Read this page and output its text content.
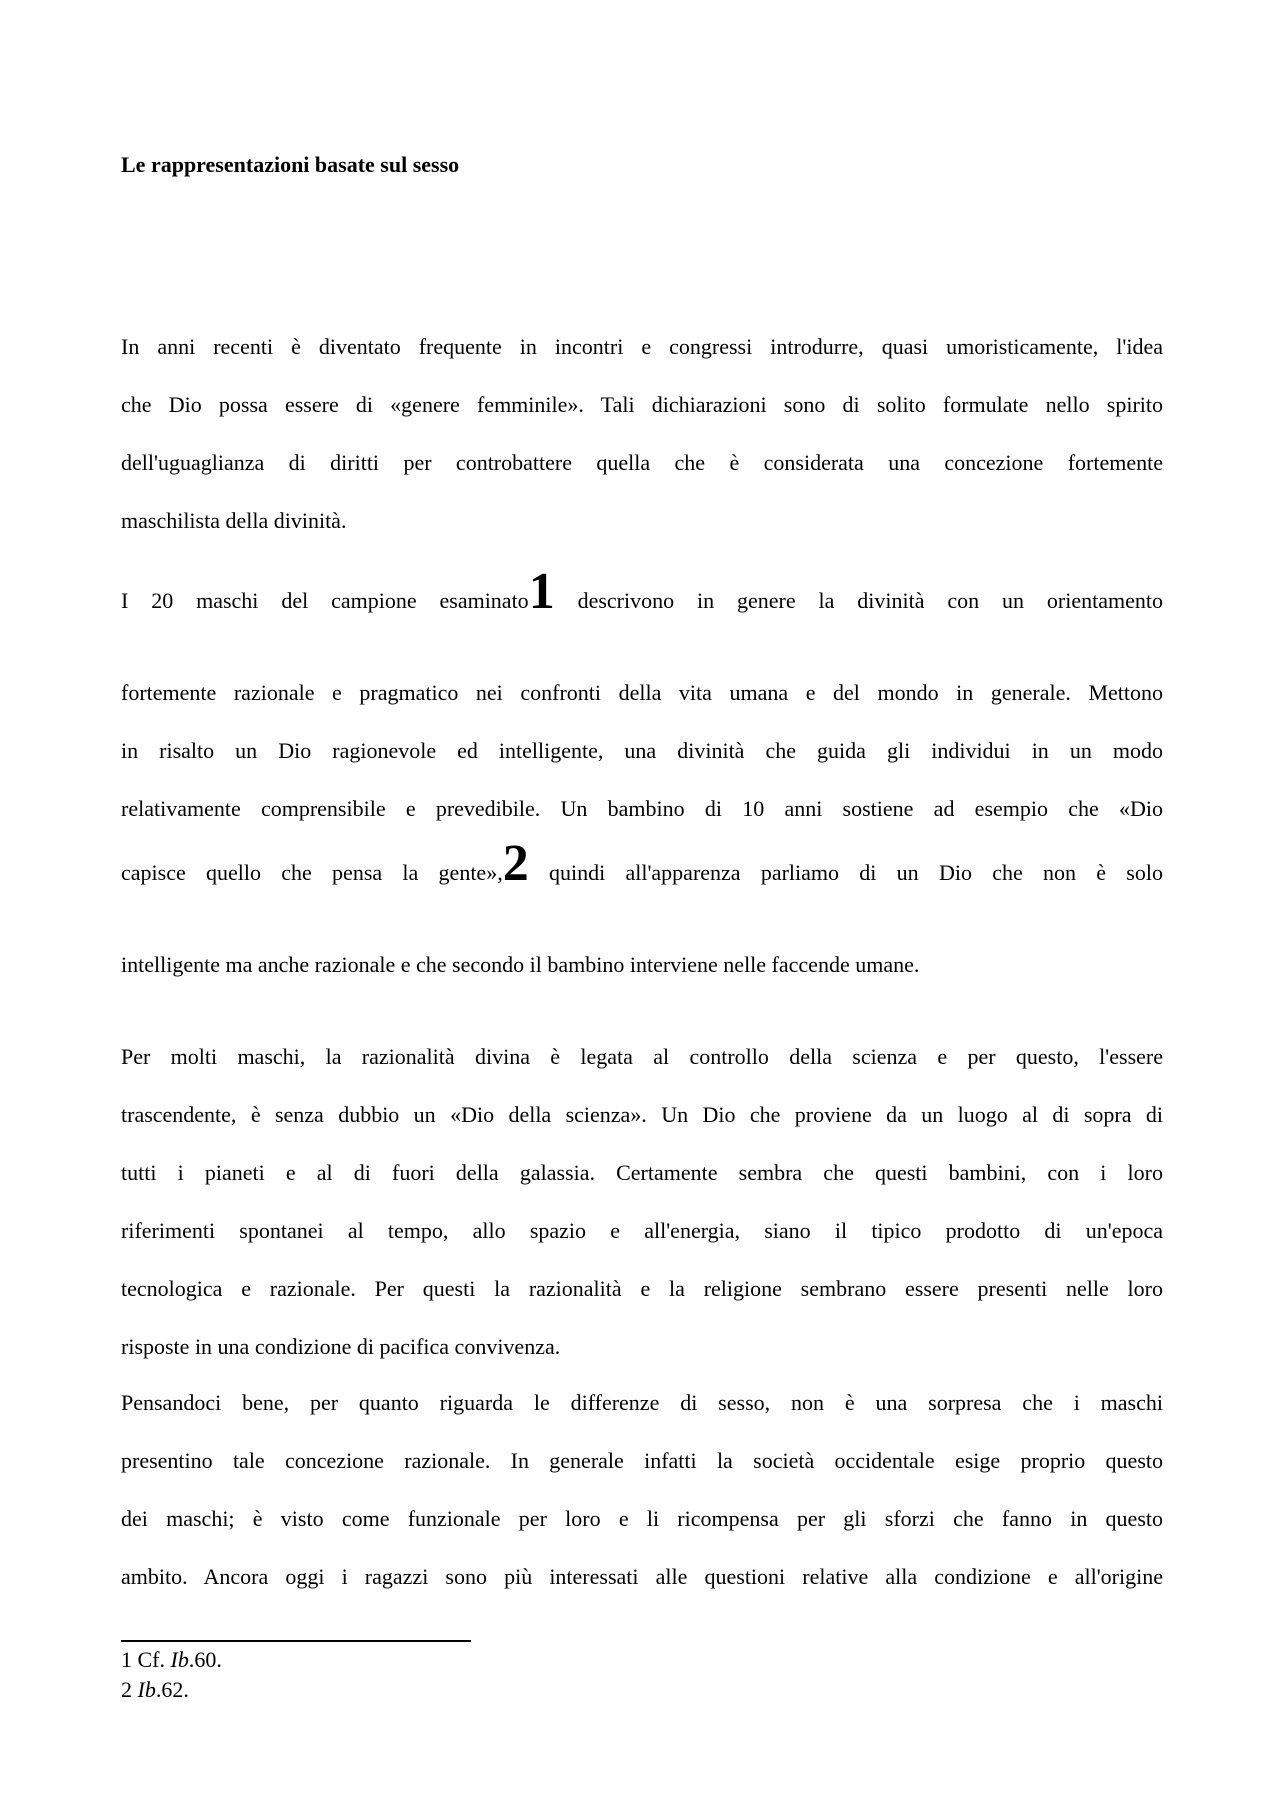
Le rappresentazioni basate sul sesso
In anni recenti è diventato frequente in incontri e congressi introdurre, quasi umoristicamente, l'idea
che Dio possa essere di «genere femminile». Tali dichiarazioni sono di solito formulate nello spirito
dell'uguaglianza di diritti per controbattere quella che è considerata una concezione fortemente
maschilista della divinità.
I 20 maschi del campione esaminato1 descrivono in genere la divinità con un orientamento
fortemente razionale e pragmatico nei confronti della vita umana e del mondo in generale. Mettono
in risalto un Dio ragionevole ed intelligente, una divinità che guida gli individui in un modo
relativamente comprensibile e prevedibile. Un bambino di 10 anni sostiene ad esempio che «Dio
capisce quello che pensa la gente»,2 quindi all'apparenza parliamo di un Dio che non è solo
intelligente ma anche razionale e che secondo il bambino interviene nelle faccende umane.
Per molti maschi, la razionalità divina è legata al controllo della scienza e per questo, l'essere
trascendente, è senza dubbio un «Dio della scienza». Un Dio che proviene da un luogo al di sopra di
tutti i pianeti e al di fuori della galassia. Certamente sembra che questi bambini, con i loro
riferimenti spontanei al tempo, allo spazio e all'energia, siano il tipico prodotto di un'epoca
tecnologica e razionale. Per questi la razionalità e la religione sembrano essere presenti nelle loro
risposte in una condizione di pacifica convivenza.
Pensandoci bene, per quanto riguarda le differenze di sesso, non è una sorpresa che i maschi
presentino tale concezione razionale. In generale infatti la società occidentale esige proprio questo
dei maschi; è visto come funzionale per loro e li ricompensa per gli sforzi che fanno in questo
ambito. Ancora oggi i ragazzi sono più interessati alle questioni relative alla condizione e all'origine
1 Cf. Ib.60.
2 Ib.62.
